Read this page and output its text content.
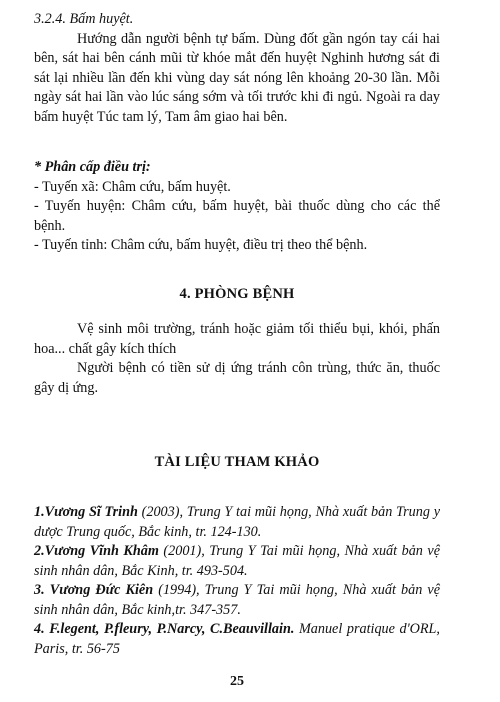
3.2.4. Bấm huyệt.

Hướng dẫn người bệnh tự bấm. Dùng đốt gần ngón tay cái hai bên, sát hai bên cánh mũi từ khóe mắt đến huyệt Nghinh hương sát đi sát lại nhiều lần đến khi vùng day sát nóng lên khoảng 20-30 lần. Mỗi ngày sát hai lần vào lúc sáng sớm và tối trước khi đi ngủ. Ngoài ra day bấm huyệt Túc tam lý, Tam âm giao hai bên.

* Phân cấp điều trị:

- Tuyến xã: Châm cứu, bấm huyệt.

- Tuyến huyện: Châm cứu, bấm huyệt, bài thuốc dùng cho các thể bệnh.

- Tuyến tỉnh: Châm cứu, bấm huyệt, điều trị theo thể bệnh.

4. PHÒNG BỆNH

Vệ sinh môi trường, tránh hoặc giảm tối thiểu bụi, khói, phấn hoa... chất gây kích thích

Người bệnh có tiền sử dị ứng tránh côn trùng, thức ăn, thuốc gây dị ứng.

TÀI LIỆU THAM KHẢO

1.Vương Sĩ Trinh (2003), Trung Y tai mũi họng, Nhà xuất bản Trung y dược Trung quốc, Bắc kinh, tr. 124-130.

2.Vương Vĩnh Khâm (2001), Trung Y Tai mũi họng, Nhà xuất bản vệ sinh nhân dân, Bắc Kinh, tr. 493-504.

3. Vương Đức Kiên (1994), Trung Y Tai mũi họng, Nhà xuất bản vệ sinh nhân dân, Bắc kinh,tr. 347-357.

4. F.legent, P.fleury, P.Narcy, C.Beauvillain. Manuel pratique d'ORL, Paris, tr. 56-75

25
